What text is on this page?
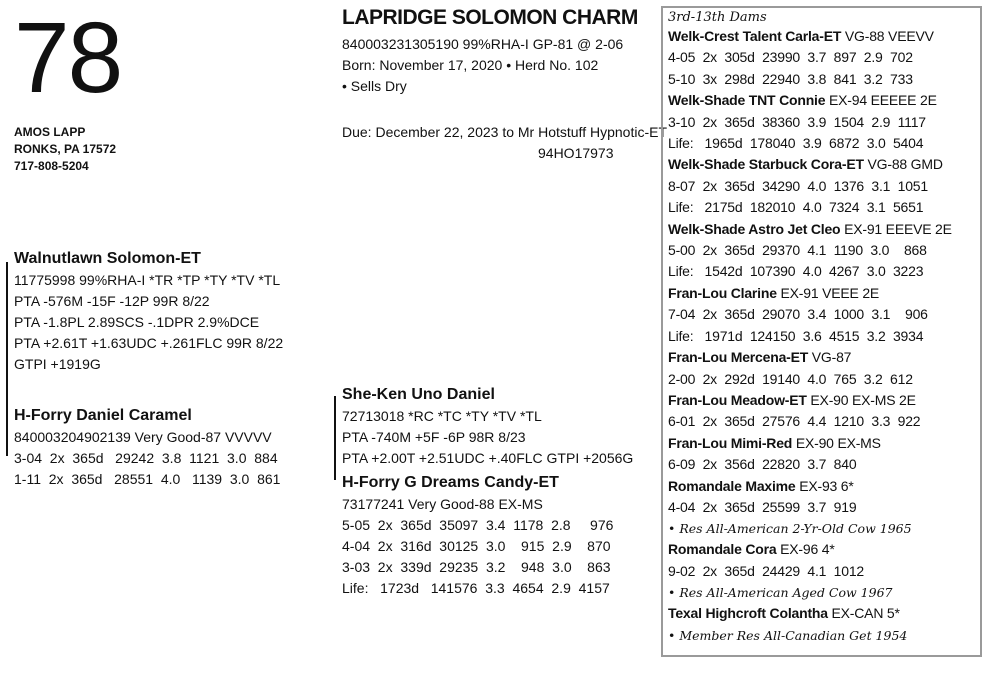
78
AMOS LAPP
RONKS, PA 17572
717-808-5204
LAPRIDGE SOLOMON CHARM
840003231305190 99%RHA-I GP-81 @ 2-06
Born: November 17, 2020 • Herd No. 102
• Sells Dry
Due: December 22, 2023 to Mr Hotstuff Hypnotic-ET
94HO17973
Walnutlawn Solomon-ET
11775998 99%RHA-I *TR *TP *TY *TV *TL
PTA -576M -15F -12P 99R 8/22
PTA -1.8PL 2.89SCS -.1DPR 2.9%DCE
PTA +2.61T +1.63UDC +.261FLC 99R 8/22
GTPI +1919G
H-Forry Daniel Caramel
840003204902139 Very Good-87 VVVVV
3-04  2x  365d   29242  3.8  1121  3.0  884
1-11  2x  365d   28551  4.0   1139  3.0  861
She-Ken Uno Daniel
72713018 *RC *TC *TY *TV *TL
PTA -740M +5F -6P 98R 8/23
PTA +2.00T +2.51UDC +.40FLC GTPI +2056G
H-Forry G Dreams Candy-ET
73177241 Very Good-88 EX-MS
5-05  2x  365d  35097  3.4  1178  2.8     976
4-04  2x  316d  30125  3.0    915  2.9    870
3-03  2x  339d  29235  3.2    948  3.0    863
Life:   1723d   141576  3.3  4654  2.9  4157
3rd-13th Dams
Welk-Crest Talent Carla-ET VG-88 VEEVV
4-05  2x  305d  23990  3.7  897  2.9  702
5-10  3x  298d  22940  3.8  841  3.2  733
Welk-Shade TNT Connie EX-94 EEEEE 2E
3-10  2x  365d  38360  3.9  1504  2.9  1117
Life:   1965d  178040  3.9  6872  3.0  5404
Welk-Shade Starbuck Cora-ET VG-88 GMD
8-07  2x  365d  34290  4.0  1376  3.1  1051
Life:   2175d  182010  4.0  7324  3.1  5651
Welk-Shade Astro Jet Cleo EX-91 EEEVE 2E
5-00  2x  365d  29370  4.1  1190  3.0    868
Life:   1542d  107390  4.0  4267  3.0  3223
Fran-Lou Clarine EX-91 VEEE 2E
7-04  2x  365d  29070  3.4  1000  3.1    906
Life:   1971d  124150  3.6  4515  3.2  3934
Fran-Lou Mercena-ET VG-87
2-00  2x  292d  19140  4.0  765  3.2  612
Fran-Lou Meadow-ET EX-90 EX-MS 2E
6-01  2x  365d  27576  4.4  1210  3.3  922
Fran-Lou Mimi-Red EX-90 EX-MS
6-09  2x  356d  22820  3.7  840
Romandale Maxime EX-93 6*
4-04  2x  365d  25599  3.7  919
• Res All-American 2-Yr-Old Cow 1965
Romandale Cora EX-96 4*
9-02  2x  365d  24429  4.1  1012
• Res All-American Aged Cow 1967
Texal Highcroft Colantha EX-CAN 5*
• Member Res All-Canadian Get 1954
